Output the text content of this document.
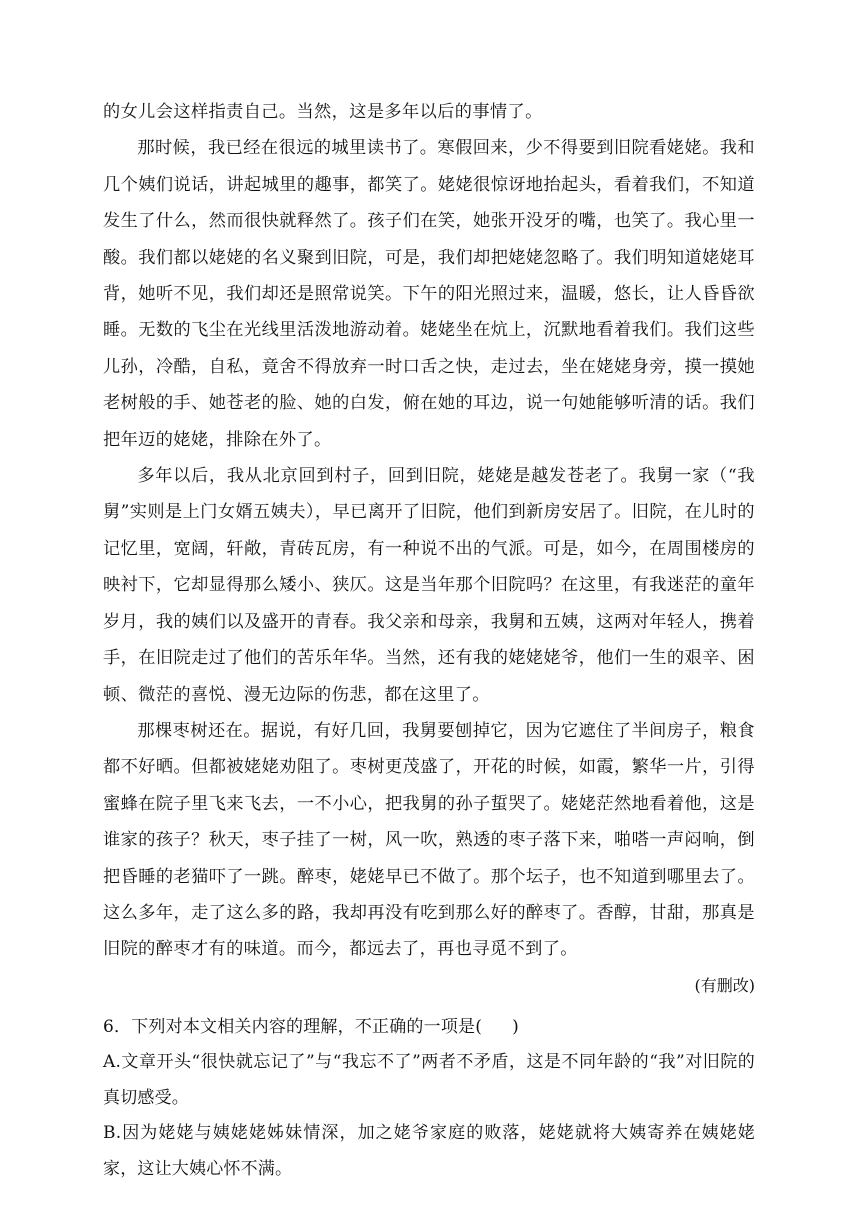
的女儿会这样指责自己。当然，这是多年以后的事情了。

那时候，我已经在很远的城里读书了。寒假回来，少不得要到旧院看姥姥。我和几个姨们说话，讲起城里的趣事，都笑了。姥姥很惊讶地抬起头，看着我们，不知道发生了什么，然而很快就释然了。孩子们在笑，她张开没牙的嘴，也笑了。我心里一酸。我们都以姥姥的名义聚到旧院，可是，我们却把姥姥忽略了。我们明知道姥姥耳背，她听不见，我们却还是照常说笑。下午的阳光照过来，温暖，悠长，让人昏昏欲睡。无数的飞尘在光线里活泼地游动着。姥姥坐在炕上，沉默地看着我们。我们这些儿孙，冷酷，自私，竟舍不得放弃一时口舌之快，走过去，坐在姥姥身旁，摸一摸她老树般的手、她苍老的脸、她的白发，俯在她的耳边，说一句她能够听清的话。我们把年迈的姥姥，排除在外了。

多年以后，我从北京回到村子，回到旧院，姥姥是越发苍老了。我舅一家（“我舅”实则是上门女婿五姨夫），早已离开了旧院，他们到新房安居了。旧院，在儿时的记忆里，宽阔，轩敞，青砖瓦房，有一种说不出的气派。可是，如今，在周围楼房的映衬下，它却显得那么矮小、狭仄。这是当年那个旧院吗？在这里，有我迷茫的童年岁月，我的姨们以及盛开的青春。我父亲和母亲，我舅和五姨，这两对年轻人，携着手，在旧院走过了他们的苦乐年华。当然，还有我的姥姥姥爷，他们一生的艰辛、困顿、微茫的喜悦、漫无边际的伤悲，都在这里了。

那棵枣树还在。据说，有好几回，我舅要刨掉它，因为它遮住了半间房子，粮食都不好晒。但都被姥姥劝阻了。枣树更茂盛了，开花的时候，如霞，繁华一片，引得蜜蜂在院子里飞来飞去，一不小心，把我舅的孙子蜇哭了。姥姥茫然地看着他，这是谁家的孩子？秋天，枣子挂了一树，风一吹，熟透的枣子落下来，啪嗒一声闷响，倒把昏睡的老猫吓了一跳。醉枣，姥姥早已不做了。那个坛子，也不知道到哪里去了。这么多年，走了这么多的路，我却再没有吃到那么好的醉枣了。香醇，甘甜，那真是旧院的醉枣才有的味道。而今，都远去了，再也寻觅不到了。

(有删改)

6．下列对本文相关内容的理解，不正确的一项是( )

A.文章开头“很快就忘记了”与“我忘不了”两者不矛盾，这是不同年龄的“我”对旧院的真切感受。

B.因为姥姥与姨姥姥姊妹情深，加之姥爷家庭的败落，姥姥就将大姨寄养在姨姥姥家，这让大姨心怀不满。
